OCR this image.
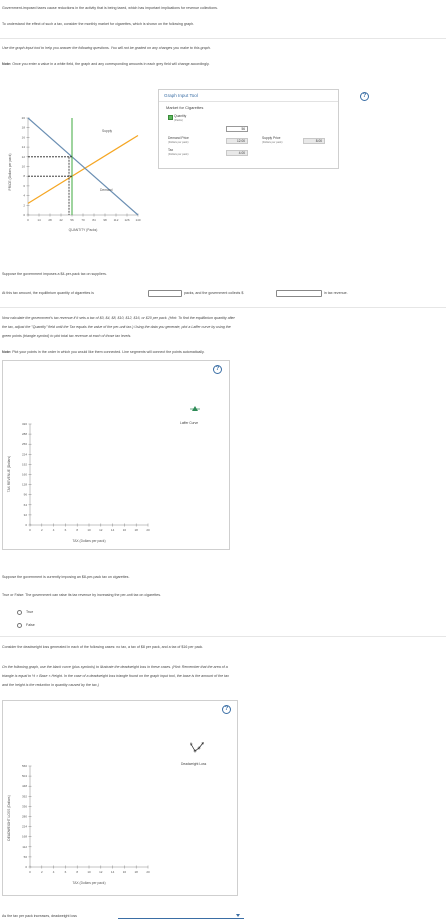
Government-imposed taxes cause reductions in the activity that is being taxed, which has important implications for revenue collections.
To understand the effect of such a tax, consider the monthly market for cigarettes, which is shown on the following graph.
Use the graph input tool to help you answer the following questions. You will not be graded on any changes you make to this graph.
Note: Once you enter a value in a white field, the graph and any corresponding amounts in each grey field will change accordingly.
PRICE (Dollars per pack)
20
18
16
14
12
10
8
6
4
2
0
0	14	28	42	56	70	84	98 112 126 140
Supply
Demand
QUANTITY (Packs)
Graph Input Tool
Market for Cigarettes
Quantity
(Packs)
56
Demand Price
(Dollars per pack)	12.00
Supply Price
(Dollars per pack)	8.00
Tax
(Dollars per pack)	4.00
?
Suppose the government imposes a $4-per-pack tax on suppliers.
At this tax amount, the equilibrium quantity of cigarettes is	packs, and the government collects $	in tax revenue.
Now calculate the government's tax revenue if it sets a tax of $0, $4, $8, $10, $12, $16, or $20 per pack. (Hint: To find the equilibrium quantity after
the tax, adjust the "Quantity" field until the Tax equals the value of the per-unit tax.) Using the data you generate, plot a Laffer curve by using the
green points (triangle symbol) to plot total tax revenue at each of those tax levels.
Note: Plot your points in the order in which you would like them connected. Line segments will connect the points automatically.
?
TAX REVENUE (Dollars)
320
288
256
224
192
160
128
96
64
32
0
0	2	4	6	8	10	12	14	16	18	20
TAX (Dollars per pack)
Laffer Curve
Suppose the government is currently imposing an $8-per-pack tax on cigarettes.
True or False: The government can raise its tax revenue by increasing the per-unit tax on cigarettes.
True
False
Consider the deadweight loss generated in each of the following cases: no tax, a tax of $8 per pack, and a tax of $16 per pack.
On the following graph, use the black curve (plus symbols) to illustrate the deadweight loss in these cases. (Hint: Remember that the area of a
triangle is equal to ½ × Base × Height. In the case of a deadweight loss triangle found on the graph input tool, the base is the amount of the tax
and the height is the reduction in quantity caused by the tax.)
?
DEADWEIGHT LOSS (Dollars)
560
504
448
392
336
280
224
168
112
56
0
0	2	4	6	8	10	12	14	16	18	20
TAX (Dollars per pack)
Deadweight Loss
As the tax per pack increases, deadweight loss
